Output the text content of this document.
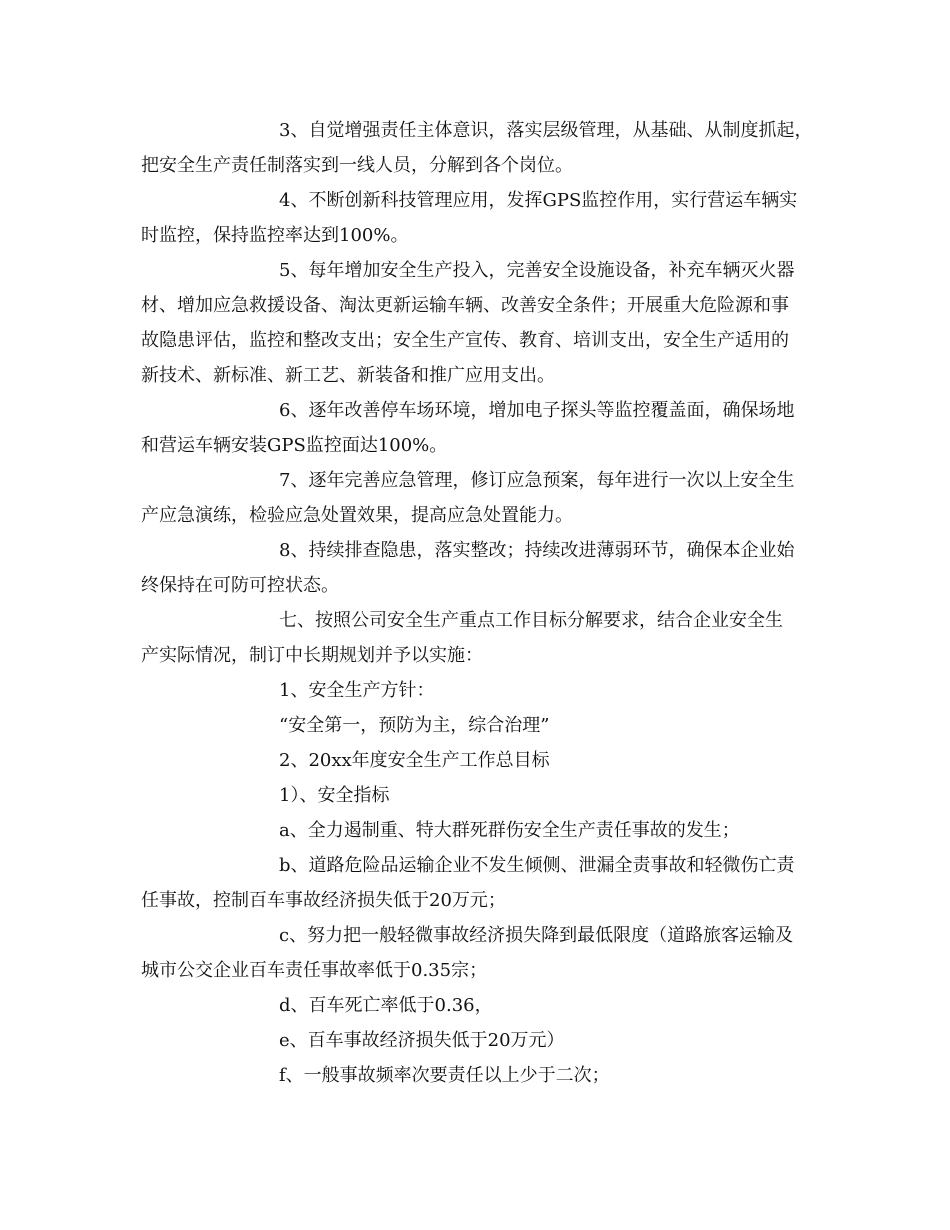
3、自觉增强责任主体意识，落实层级管理，从基础、从制度抓起，
把安全生产责任制落实到一线人员，分解到各个岗位。
4、不断创新科技管理应用，发挥GPS监控作用，实行营运车辆实
时监控，保持监控率达到100%。
5、每年增加安全生产投入，完善安全设施设备，补充车辆灭火器
材、增加应急救援设备、淘汰更新运输车辆、改善安全条件；开展重大危险源和事
故隐患评估，监控和整改支出；安全生产宣传、教育、培训支出，安全生产适用的
新技术、新标准、新工艺、新装备和推广应用支出。
6、逐年改善停车场环境，增加电子探头等监控覆盖面，确保场地
和营运车辆安装GPS监控面达100%。
7、逐年完善应急管理，修订应急预案，每年进行一次以上安全生
产应急演练，检验应急处置效果，提高应急处置能力。
8、持续排查隐患，落实整改；持续改进薄弱环节，确保本企业始
终保持在可防可控状态。
七、按照公司安全生产重点工作目标分解要求，结合企业安全生
产实际情况，制订中长期规划并予以实施：
1、安全生产方针：
“安全第一，预防为主，综合治理”
2、20xx年度安全生产工作总目标
1）、安全指标
a、全力遏制重、特大群死群伤安全生产责任事故的发生；
b、道路危险品运输企业不发生倾侧、泄漏全责事故和轻微伤亡责
任事故，控制百车事故经济损失低于20万元；
c、努力把一般轻微事故经济损失降到最低限度（道路旅客运输及
城市公交企业百车责任事故率低于0.35宗；
d、百车死亡率低于0.36，
e、百车事故经济损失低于20万元）
f、一般事故频率次要责任以上少于二次；
